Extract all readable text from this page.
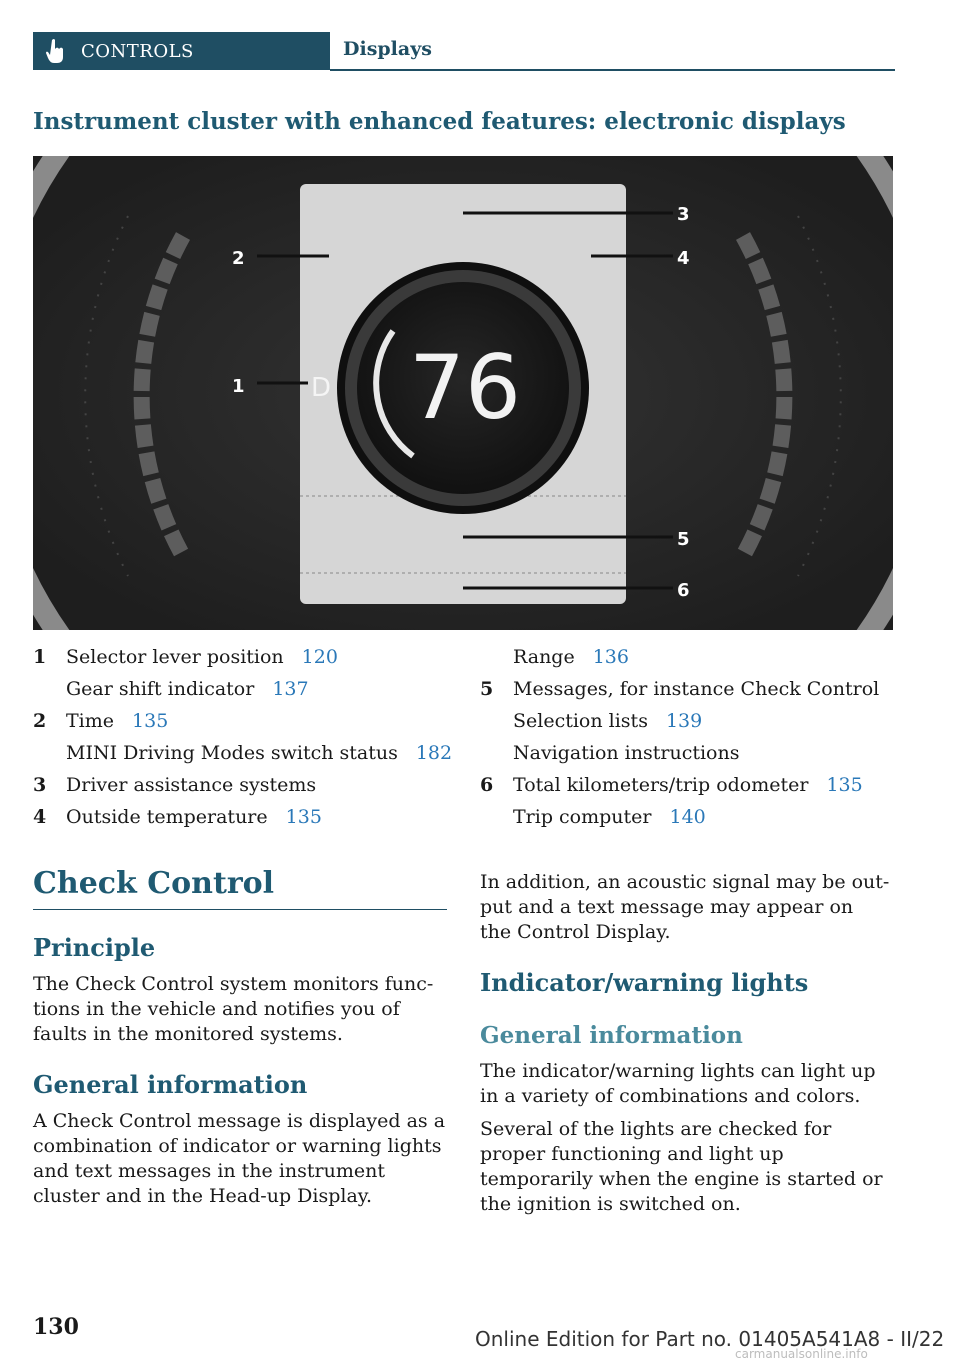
CONTROLS	Displays
Instrument cluster with enhanced features: electronic displays
76
D
1
2
3
4
5
6
1	Selector lever position 120
Gear shift indicator 137
2	Time 135
MINI Driving Modes switch status 182
3	Driver assistance systems
4	Outside temperature 135
Range 136
5	Messages, for instance Check Control
Selection lists 139
Navigation instructions
6	Total kilometers/trip odometer 135
Trip computer 140
Check Control
Principle
The Check Control system monitors func‐ tions in the vehicle and notifies you of faults in the monitored systems.
General information
A Check Control message is displayed as a combination of indicator or warning lights and text messages in the instrument cluster and in the Head-up Display.
In addition, an acoustic signal may be out‐ put and a text message may appear on the Control Display.
Indicator/warning lights
General information
The indicator/warning lights can light up in a variety of combinations and colors.
Several of the lights are checked for proper functioning and light up temporarily when the engine is started or the ignition is switched on.
130	Online Edition for Part no. 01405A541A8 - II/22
carmanualsonline.info
